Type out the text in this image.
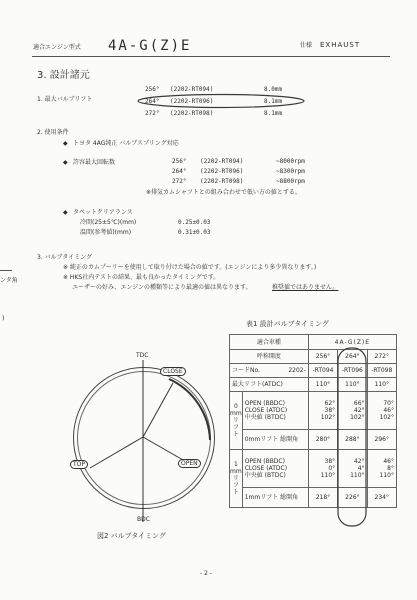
適合エンジン型式 4A-G(Z)E	仕様 EXHAUST
3. 設計諸元
1. 最大バルブリフト
256° (2202-RT094)	8.0mm
264° (2202-RT096)	8.1mm
272° (2202-RT098)	8.1mm
2. 使用条件
◆ トヨタ 4AG純正 バルブスプリング対応
◆ 許容最大回転数	256° (2202-RT094)	~8000rpm
264° (2202-RT096)	~8300rpm
272° (2202-RT098)	~8800rpm
※排気カムシャフトとの組み合わせで低い方の値とする。
◆ タペットクリアランス
冷間(25±5℃)(mm)	0.25±0.03
温間(参考値)(mm)	0.31±0.03
3. バルブタイミング
※ 純正のカムプーリーを使用して取り付けた場合の値です。(エンジンにより多少異なります。)
※ HKS社内テストの結果、最も良かったタイミングです。
ユーザーの好み、エンジンの種類等により最適の値は異なります。	推奨値ではありません。
ンタ角
)
TDC
CLOSE
OPEN
TOP
BDC
図2 バルブタイミング
表1 設計バルブタイミング
適合車種		4A-G(Z)E		
呼称開度		256°	264°	272°
コードNo. 2202-		-RT094	-RT096	-RT098
最大リフト(ATDC)		110°	110°	110°

0
mm
リ
フ
ト	OPEN (BBDC)
CLOSE (ATDC)
中央値 (BTDC)	62°
38°
102°	66°
42°
102°	70°
46°
102°

	0mmリフト 総開角	280°	288°	296°

1
mm
リ
フ
ト	OPEN (BBDC)
CLOSE (ATDC)
中央値 (BTDC)	38°
0°
110°	42°
4°
110°	46°
8°
110°

	1mmリフト 総開角	218°	226°	234°
- 2 -
